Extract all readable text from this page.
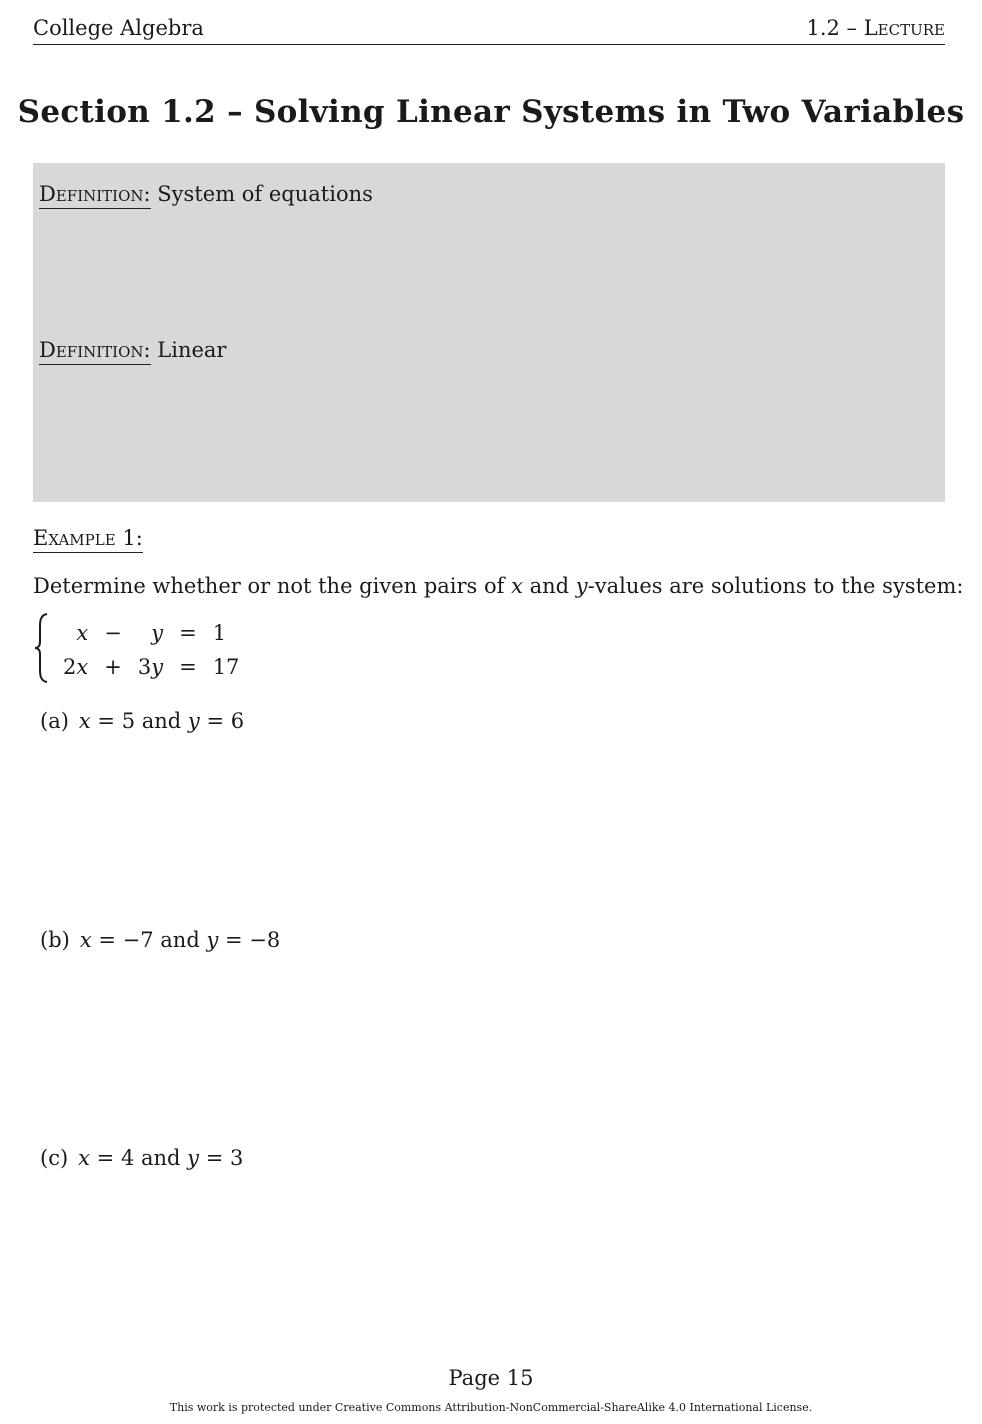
College Algebra	1.2 – Lecture
Section 1.2 – Solving Linear Systems in Two Variables
Definition: System of equations
Definition: Linear
Example 1:
Determine whether or not the given pairs of x and y-values are solutions to the system:
x	−	y	=	1
2x	+	3y	=	17
(a) x = 5 and y = 6
(b) x = −7 and y = −8
(c) x = 4 and y = 3
Page 15
This work is protected under Creative Commons Attribution-NonCommercial-ShareAlike 4.0 International License.
